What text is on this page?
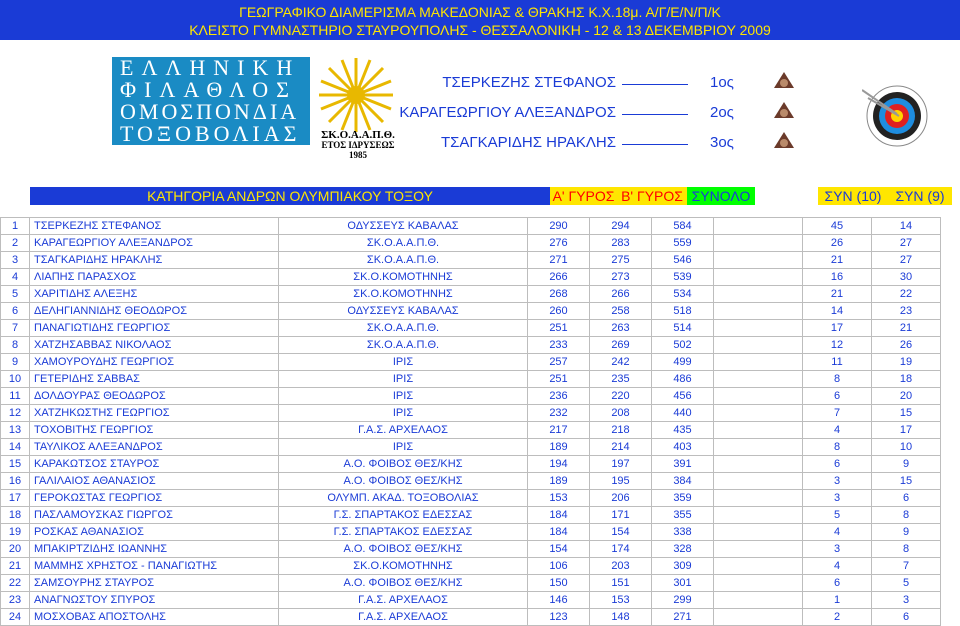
ΓΕΩΓΡΑΦΙΚΟ ΔΙΑΜΕΡΙΣΜΑ ΜΑΚΕΔΟΝΙΑΣ & ΘΡΑΚΗΣ Κ.Χ.18μ. Α/Γ/Ε/Ν/Π/Κ
ΚΛΕΙΣΤΟ ΓΥΜΝΑΣΤΗΡΙΟ ΣΤΑΥΡΟΥΠΟΛΗΣ - ΘΕΣΣΑΛΟΝΙΚΗ - 12 & 13 ΔΕΚΕΜΒΡΙΟΥ 2009
ΕΛΛΗΝΙΚΗ
ΦΙΛΑΘΛΟΣ
ΟΜΟΣΠΟΝΔΙΑ
ΤΟΞΟΒΟΛΙΑΣ	ΣΚ.Ο.Α.Α.Π.Θ.
ΕΤΟΣ ΙΔΡΥΣΕΩΣ
1985
ΤΣΕΡΚΕΖΗΣ ΣΤΕΦΑΝΟΣ	1ος
ΚΑΡΑΓΕΩΡΓΙΟΥ ΑΛΕΞΑΝΔΡΟΣ	2ος
ΤΣΑΓΚΑΡΙΔΗΣ ΗΡΑΚΛΗΣ	3ος
ΚΑΤΗΓΟΡΙΑ ΑΝΔΡΩΝ ΟΛΥΜΠΙΑΚΟΥ ΤΟΞΟΥ	Α' ΓΥΡΟΣ Β' ΓΥΡΟΣ ΣΥΝΟΛΟ	ΣΥΝ (10)	ΣΥΝ (9)
1	ΤΣΕΡΚΕΖΗΣ ΣΤΕΦΑΝΟΣ	ΟΔΥΣΣΕΥΣ ΚΑΒΑΛΑΣ	290	294	584		45	14
2	ΚΑΡΑΓΕΩΡΓΙΟΥ ΑΛΕΞΑΝΔΡΟΣ	ΣΚ.Ο.Α.Α.Π.Θ.	276	283	559		26	27
3	ΤΣΑΓΚΑΡΙΔΗΣ ΗΡΑΚΛΗΣ	ΣΚ.Ο.Α.Α.Π.Θ.	271	275	546		21	27
4	ΛΙΑΠΗΣ ΠΑΡΑΣΧΟΣ	ΣΚ.Ο.ΚΟΜΟΤΗΝΗΣ	266	273	539		16	30
5	ΧΑΡΙΤΙΔΗΣ ΑΛΕΞΗΣ	ΣΚ.Ο.ΚΟΜΟΤΗΝΗΣ	268	266	534		21	22
6	ΔΕΛΗΓΙΑΝΝΙΔΗΣ ΘΕΟΔΩΡΟΣ	ΟΔΥΣΣΕΥΣ ΚΑΒΑΛΑΣ	260	258	518		14	23
7	ΠΑΝΑΓΙΩΤΙΔΗΣ ΓΕΩΡΓΙΟΣ	ΣΚ.Ο.Α.Α.Π.Θ.	251	263	514		17	21
8	ΧΑΤΖΗΣΑΒΒΑΣ ΝΙΚΟΛΑΟΣ	ΣΚ.Ο.Α.Α.Π.Θ.	233	269	502		12	26
9	ΧΑΜΟΥΡΟΥΔΗΣ ΓΕΩΡΓΙΟΣ	ΙΡΙΣ	257	242	499		11	19
10	ΓΕΤΕΡΙΔΗΣ ΣΑΒΒΑΣ	ΙΡΙΣ	251	235	486		8	18
11	ΔΟΛΔΟΥΡΑΣ ΘΕΟΔΩΡΟΣ	ΙΡΙΣ	236	220	456		6	20
12	ΧΑΤΖΗΚΩΣΤΗΣ ΓΕΩΡΓΙΟΣ	ΙΡΙΣ	232	208	440		7	15
13	ΤΟΧΟΒΙΤΗΣ ΓΕΩΡΓΙΟΣ	Γ.Α.Σ. ΑΡΧΕΛΑΟΣ	217	218	435		4	17
14	ΤΑΥΛΙΚΟΣ ΑΛΕΞΑΝΔΡΟΣ	ΙΡΙΣ	189	214	403		8	10
15	ΚΑΡΑΚΩΤΣΟΣ ΣΤΑΥΡΟΣ	Α.Ο. ΦΟΙΒΟΣ ΘΕΣ/ΚΗΣ	194	197	391		6	9
16	ΓΑΛΙΛΑΙΟΣ ΑΘΑΝΑΣΙΟΣ	Α.Ο. ΦΟΙΒΟΣ ΘΕΣ/ΚΗΣ	189	195	384		3	15
17	ΓΕΡΟΚΩΣΤΑΣ ΓΕΩΡΓΙΟΣ	ΟΛΥΜΠ. ΑΚΑΔ. ΤΟΞΟΒΟΛΙΑΣ	153	206	359		3	6
18	ΠΑΣΛΑΜΟΥΣΚΑΣ ΓΙΩΡΓΟΣ	Γ.Σ. ΣΠΑΡΤΑΚΟΣ ΕΔΕΣΣΑΣ	184	171	355		5	8
19	ΡΟΣΚΑΣ ΑΘΑΝΑΣΙΟΣ	Γ.Σ. ΣΠΑΡΤΑΚΟΣ ΕΔΕΣΣΑΣ	184	154	338		4	9
20	ΜΠΑΚΙΡΤΖΙΔΗΣ ΙΩΑΝΝΗΣ	Α.Ο. ΦΟΙΒΟΣ ΘΕΣ/ΚΗΣ	154	174	328		3	8
21	ΜΑΜΜΗΣ ΧΡΗΣΤΟΣ - ΠΑΝΑΓΙΩΤΗΣ	ΣΚ.Ο.ΚΟΜΟΤΗΝΗΣ	106	203	309		4	7
22	ΣΑΜΣΟΥΡΗΣ ΣΤΑΥΡΟΣ	Α.Ο. ΦΟΙΒΟΣ ΘΕΣ/ΚΗΣ	150	151	301		6	5
23	ΑΝΑΓΝΩΣΤΟΥ ΣΠΥΡΟΣ	Γ.Α.Σ. ΑΡΧΕΛΑΟΣ	146	153	299		1	3
24	ΜΟΣΧΟΒΑΣ ΑΠΟΣΤΟΛΗΣ	Γ.Α.Σ. ΑΡΧΕΛΑΟΣ	123	148	271		2	6
